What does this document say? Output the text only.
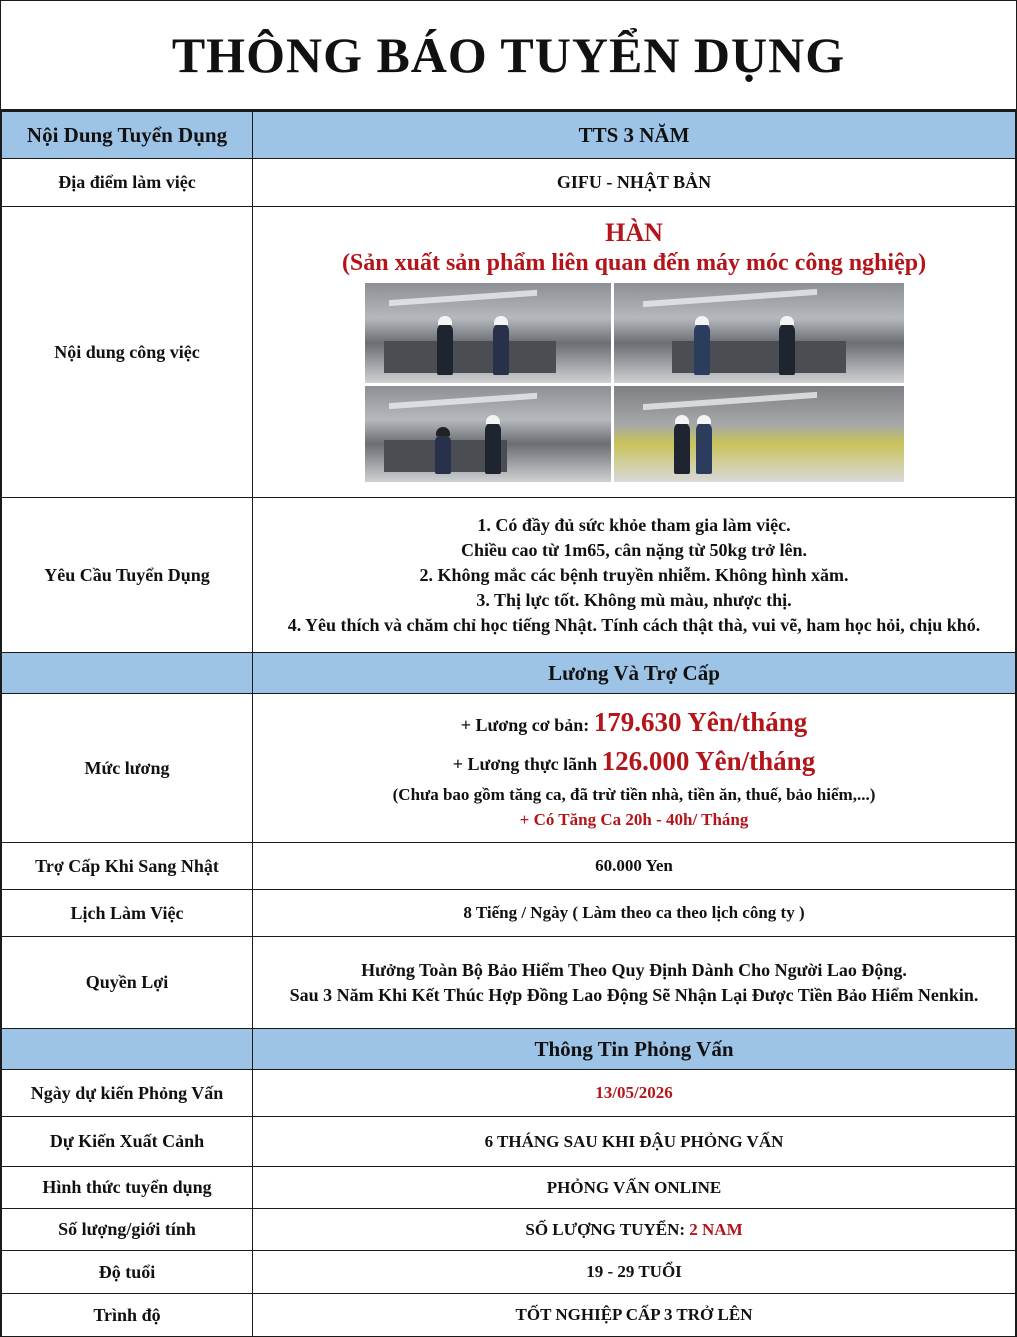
THÔNG BÁO TUYỂN DỤNG
Nội Dung Tuyển Dụng	TTS 3 NĂM
Địa điểm làm việc	GIFU - NHẬT BẢN
Nội dung công việc	HÀN
(Sản xuất sản phẩm liên quan đến máy móc công nghiệp)

Yêu Cầu Tuyển Dụng	1. Có đầy đủ sức khỏe tham gia làm việc.
Chiều cao từ 1m65, cân nặng từ 50kg trở lên.
2. Không mắc các bệnh truyền nhiễm. Không hình xăm.
3. Thị lực tốt. Không mù màu, nhược thị.
4. Yêu thích và chăm chỉ học tiếng Nhật. Tính cách thật thà, vui vẽ, ham học hỏi, chịu khó.

	Lương Và Trợ Cấp
Mức lương	+ Lương cơ bản: 179.630 Yên/tháng
+ Lương thực lãnh 126.000 Yên/tháng
(Chưa bao gồm tăng ca, đã trừ tiền nhà, tiền ăn, thuế, bảo hiểm,...)
+ Có Tăng Ca 20h - 40h/ Tháng

Trợ Cấp Khi Sang Nhật	60.000 Yen
Lịch Làm Việc	8 Tiếng / Ngày ( Làm theo ca theo lịch công ty )
Quyền Lợi	Hưởng Toàn Bộ Bảo Hiểm Theo Quy Định Dành Cho Người Lao Động.
Sau 3 Năm Khi Kết Thúc Hợp Đồng Lao Động Sẽ Nhận Lại Được Tiền Bảo Hiểm Nenkin.

	Thông Tin Phỏng Vấn
Ngày dự kiến Phỏng Vấn	13/05/2026
Dự Kiến Xuất Cảnh	6 THÁNG SAU KHI ĐẬU PHỎNG VẤN
Hình thức tuyển dụng	PHỎNG VẤN ONLINE
Số lượng/giới tính	SỐ LƯỢNG TUYỂN: 2 NAM
Độ tuổi	19 - 29 TUỔI
Trình độ	TỐT NGHIỆP CẤP 3 TRỞ LÊN
